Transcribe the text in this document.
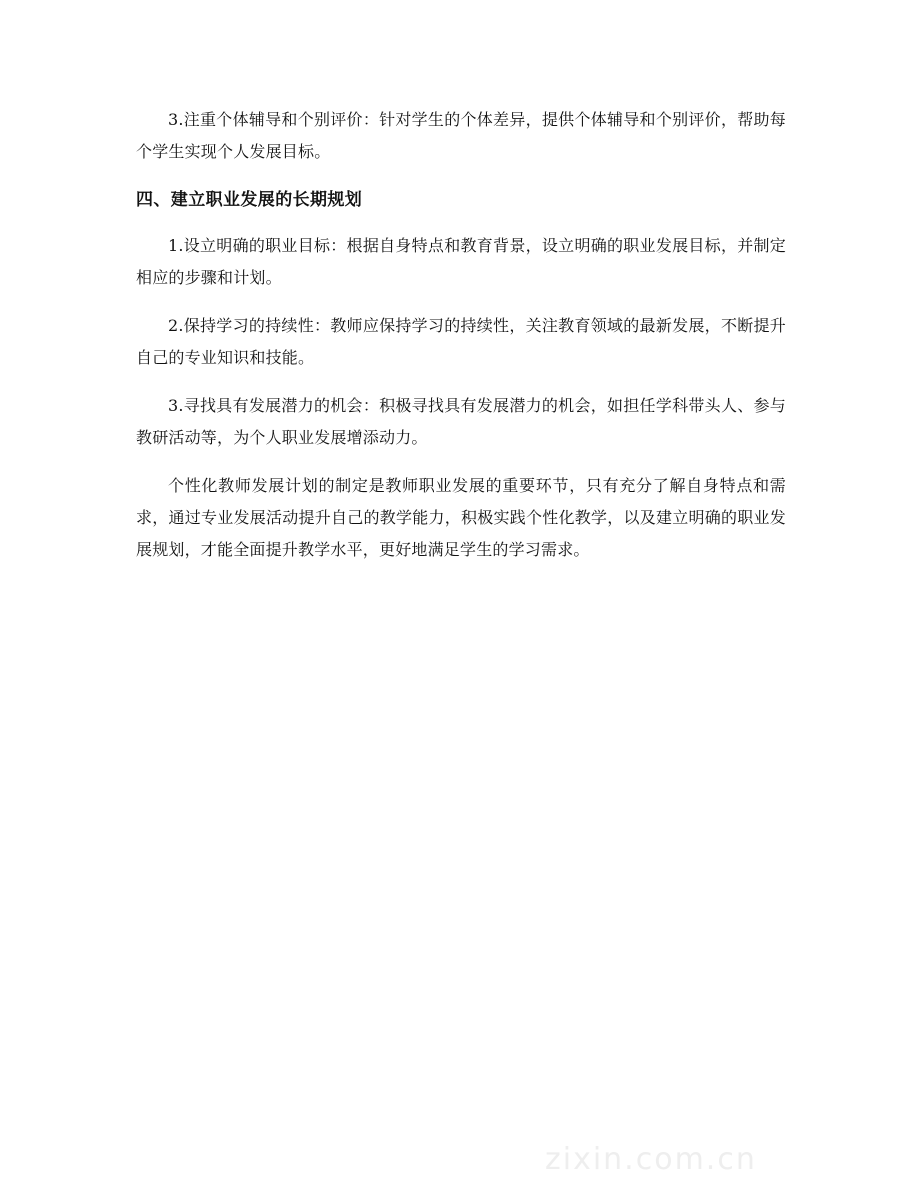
3.注重个体辅导和个别评价：针对学生的个体差异，提供个体辅导和个别评价，帮助每个学生实现个人发展目标。

四、建立职业发展的长期规划

1.设立明确的职业目标：根据自身特点和教育背景，设立明确的职业发展目标，并制定相应的步骤和计划。

2.保持学习的持续性：教师应保持学习的持续性，关注教育领域的最新发展，不断提升自己的专业知识和技能。

3.寻找具有发展潜力的机会：积极寻找具有发展潜力的机会，如担任学科带头人、参与教研活动等，为个人职业发展增添动力。

个性化教师发展计划的制定是教师职业发展的重要环节，只有充分了解自身特点和需求，通过专业发展活动提升自己的教学能力，积极实践个性化教学，以及建立明确的职业发展规划，才能全面提升教学水平，更好地满足学生的学习需求。

zixin.com.cn
